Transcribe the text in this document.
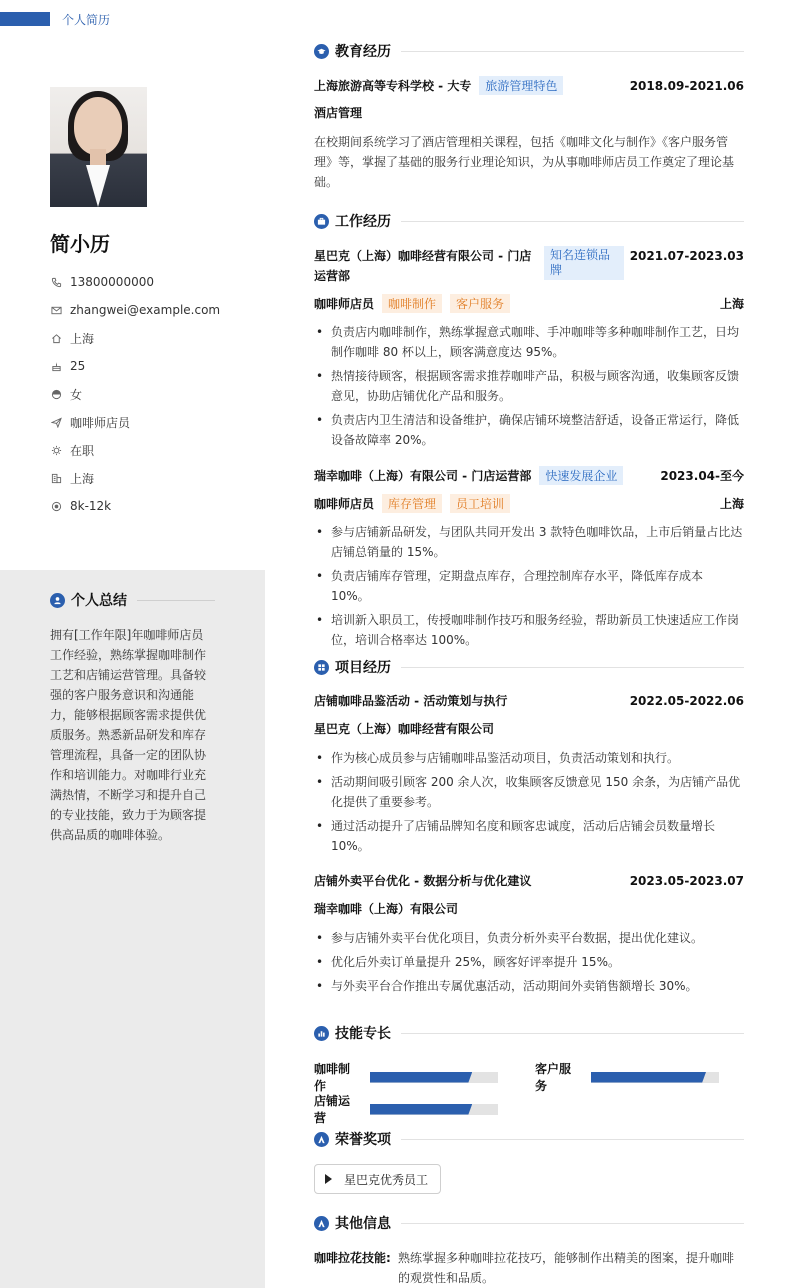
个人简历
简小历
13800000000
zhangwei@example.com
上海
25
女
咖啡师店员
在职
上海
8k-12k
个人总结
拥有[工作年限]年咖啡师店员工作经验，熟练掌握咖啡制作工艺和店铺运营管理。具备较强的客户服务意识和沟通能力，能够根据顾客需求提供优质服务。熟悉新品研发和库存管理流程，具备一定的团队协作和培训能力。对咖啡行业充满热情，不断学习和提升自己的专业技能，致力于为顾客提供高品质的咖啡体验。
教育经历
上海旅游高等专科学校 - 大专 旅游管理特色	2018.09-2021.06
酒店管理
在校期间系统学习了酒店管理相关课程，包括《咖啡文化与制作》《客户服务管理》等，掌握了基础的服务行业理论知识，为从事咖啡师店员工作奠定了理论基础。
工作经历
星巴克（上海）咖啡经营有限公司 - 门店运营部
知名连锁品牌
2021.07-2023.03
咖啡师店员 咖啡制作 客户服务	上海
• 负责店内咖啡制作，熟练掌握意式咖啡、手冲咖啡等多种咖啡制作工艺，日均制作咖啡 80 杯以上，顾客满意度达 95%。
• 热情接待顾客，根据顾客需求推荐咖啡产品，积极与顾客沟通，收集顾客反馈意见，协助店铺优化产品和服务。
• 负责店内卫生清洁和设备维护，确保店铺环境整洁舒适，设备正常运行，降低设备故障率 20%。
瑞幸咖啡（上海）有限公司 - 门店运营部 快速发展企业	2023.04-至今
咖啡师店员 库存管理 员工培训	上海
• 参与店铺新品研发，与团队共同开发出 3 款特色咖啡饮品，上市后销量占比达店铺总销量的 15%。
• 负责店铺库存管理，定期盘点库存，合理控制库存水平，降低库存成本 10%。
• 培训新入职员工，传授咖啡制作技巧和服务经验，帮助新员工快速适应工作岗位，培训合格率达 100%。
项目经历
店铺咖啡品鉴活动 - 活动策划与执行	2022.05-2022.06
星巴克（上海）咖啡经营有限公司
• 作为核心成员参与店铺咖啡品鉴活动项目，负责活动策划和执行。
• 活动期间吸引顾客 200 余人次，收集顾客反馈意见 150 余条，为店铺产品优化提供了重要参考。
• 通过活动提升了店铺品牌知名度和顾客忠诚度，活动后店铺会员数量增长 10%。
店铺外卖平台优化 - 数据分析与优化建议	2023.05-2023.07
瑞幸咖啡（上海）有限公司
• 参与店铺外卖平台优化项目，负责分析外卖平台数据，提出优化建议。
• 优化后外卖订单量提升 25%，顾客好评率提升 15%。
• 与外卖平台合作推出专属优惠活动，活动期间外卖销售额增长 30%。
技能专长
咖啡制作
客户服务
店铺运营
荣誉奖项
星巴克优秀员工
其他信息
咖啡拉花技能: 熟练掌握多种咖啡拉花技巧，能够制作出精美的图案，提升咖啡的观赏性和品质。
